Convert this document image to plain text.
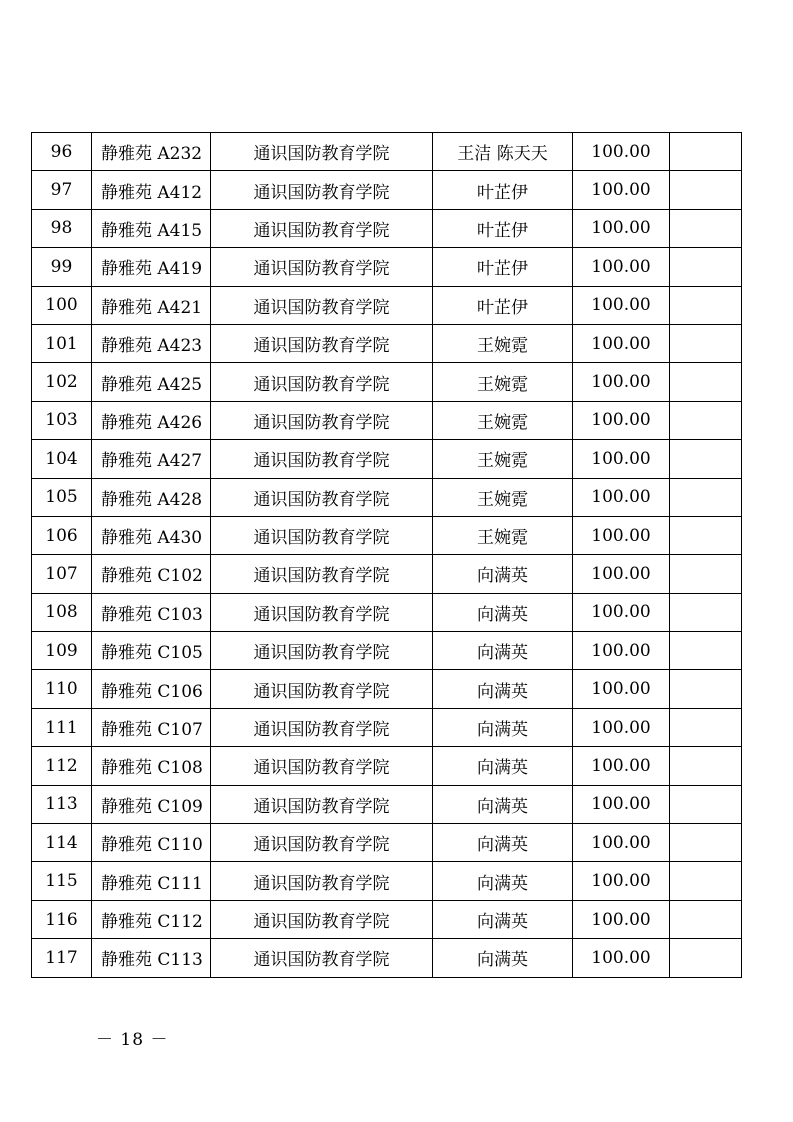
96	静雅苑 A232	通识国防教育学院	王洁 陈天天	100.00	
97	静雅苑 A412	通识国防教育学院	叶芷伊	100.00	
98	静雅苑 A415	通识国防教育学院	叶芷伊	100.00	
99	静雅苑 A419	通识国防教育学院	叶芷伊	100.00	
100	静雅苑 A421	通识国防教育学院	叶芷伊	100.00	
101	静雅苑 A423	通识国防教育学院	王婉霓	100.00	
102	静雅苑 A425	通识国防教育学院	王婉霓	100.00	
103	静雅苑 A426	通识国防教育学院	王婉霓	100.00	
104	静雅苑 A427	通识国防教育学院	王婉霓	100.00	
105	静雅苑 A428	通识国防教育学院	王婉霓	100.00	
106	静雅苑 A430	通识国防教育学院	王婉霓	100.00	
107	静雅苑 C102	通识国防教育学院	向满英	100.00	
108	静雅苑 C103	通识国防教育学院	向满英	100.00	
109	静雅苑 C105	通识国防教育学院	向满英	100.00	
110	静雅苑 C106	通识国防教育学院	向满英	100.00	
111	静雅苑 C107	通识国防教育学院	向满英	100.00	
112	静雅苑 C108	通识国防教育学院	向满英	100.00	
113	静雅苑 C109	通识国防教育学院	向满英	100.00	
114	静雅苑 C110	通识国防教育学院	向满英	100.00	
115	静雅苑 C111	通识国防教育学院	向满英	100.00	
116	静雅苑 C112	通识国防教育学院	向满英	100.00	
117	静雅苑 C113	通识国防教育学院	向满英	100.00	
－ 18 －
